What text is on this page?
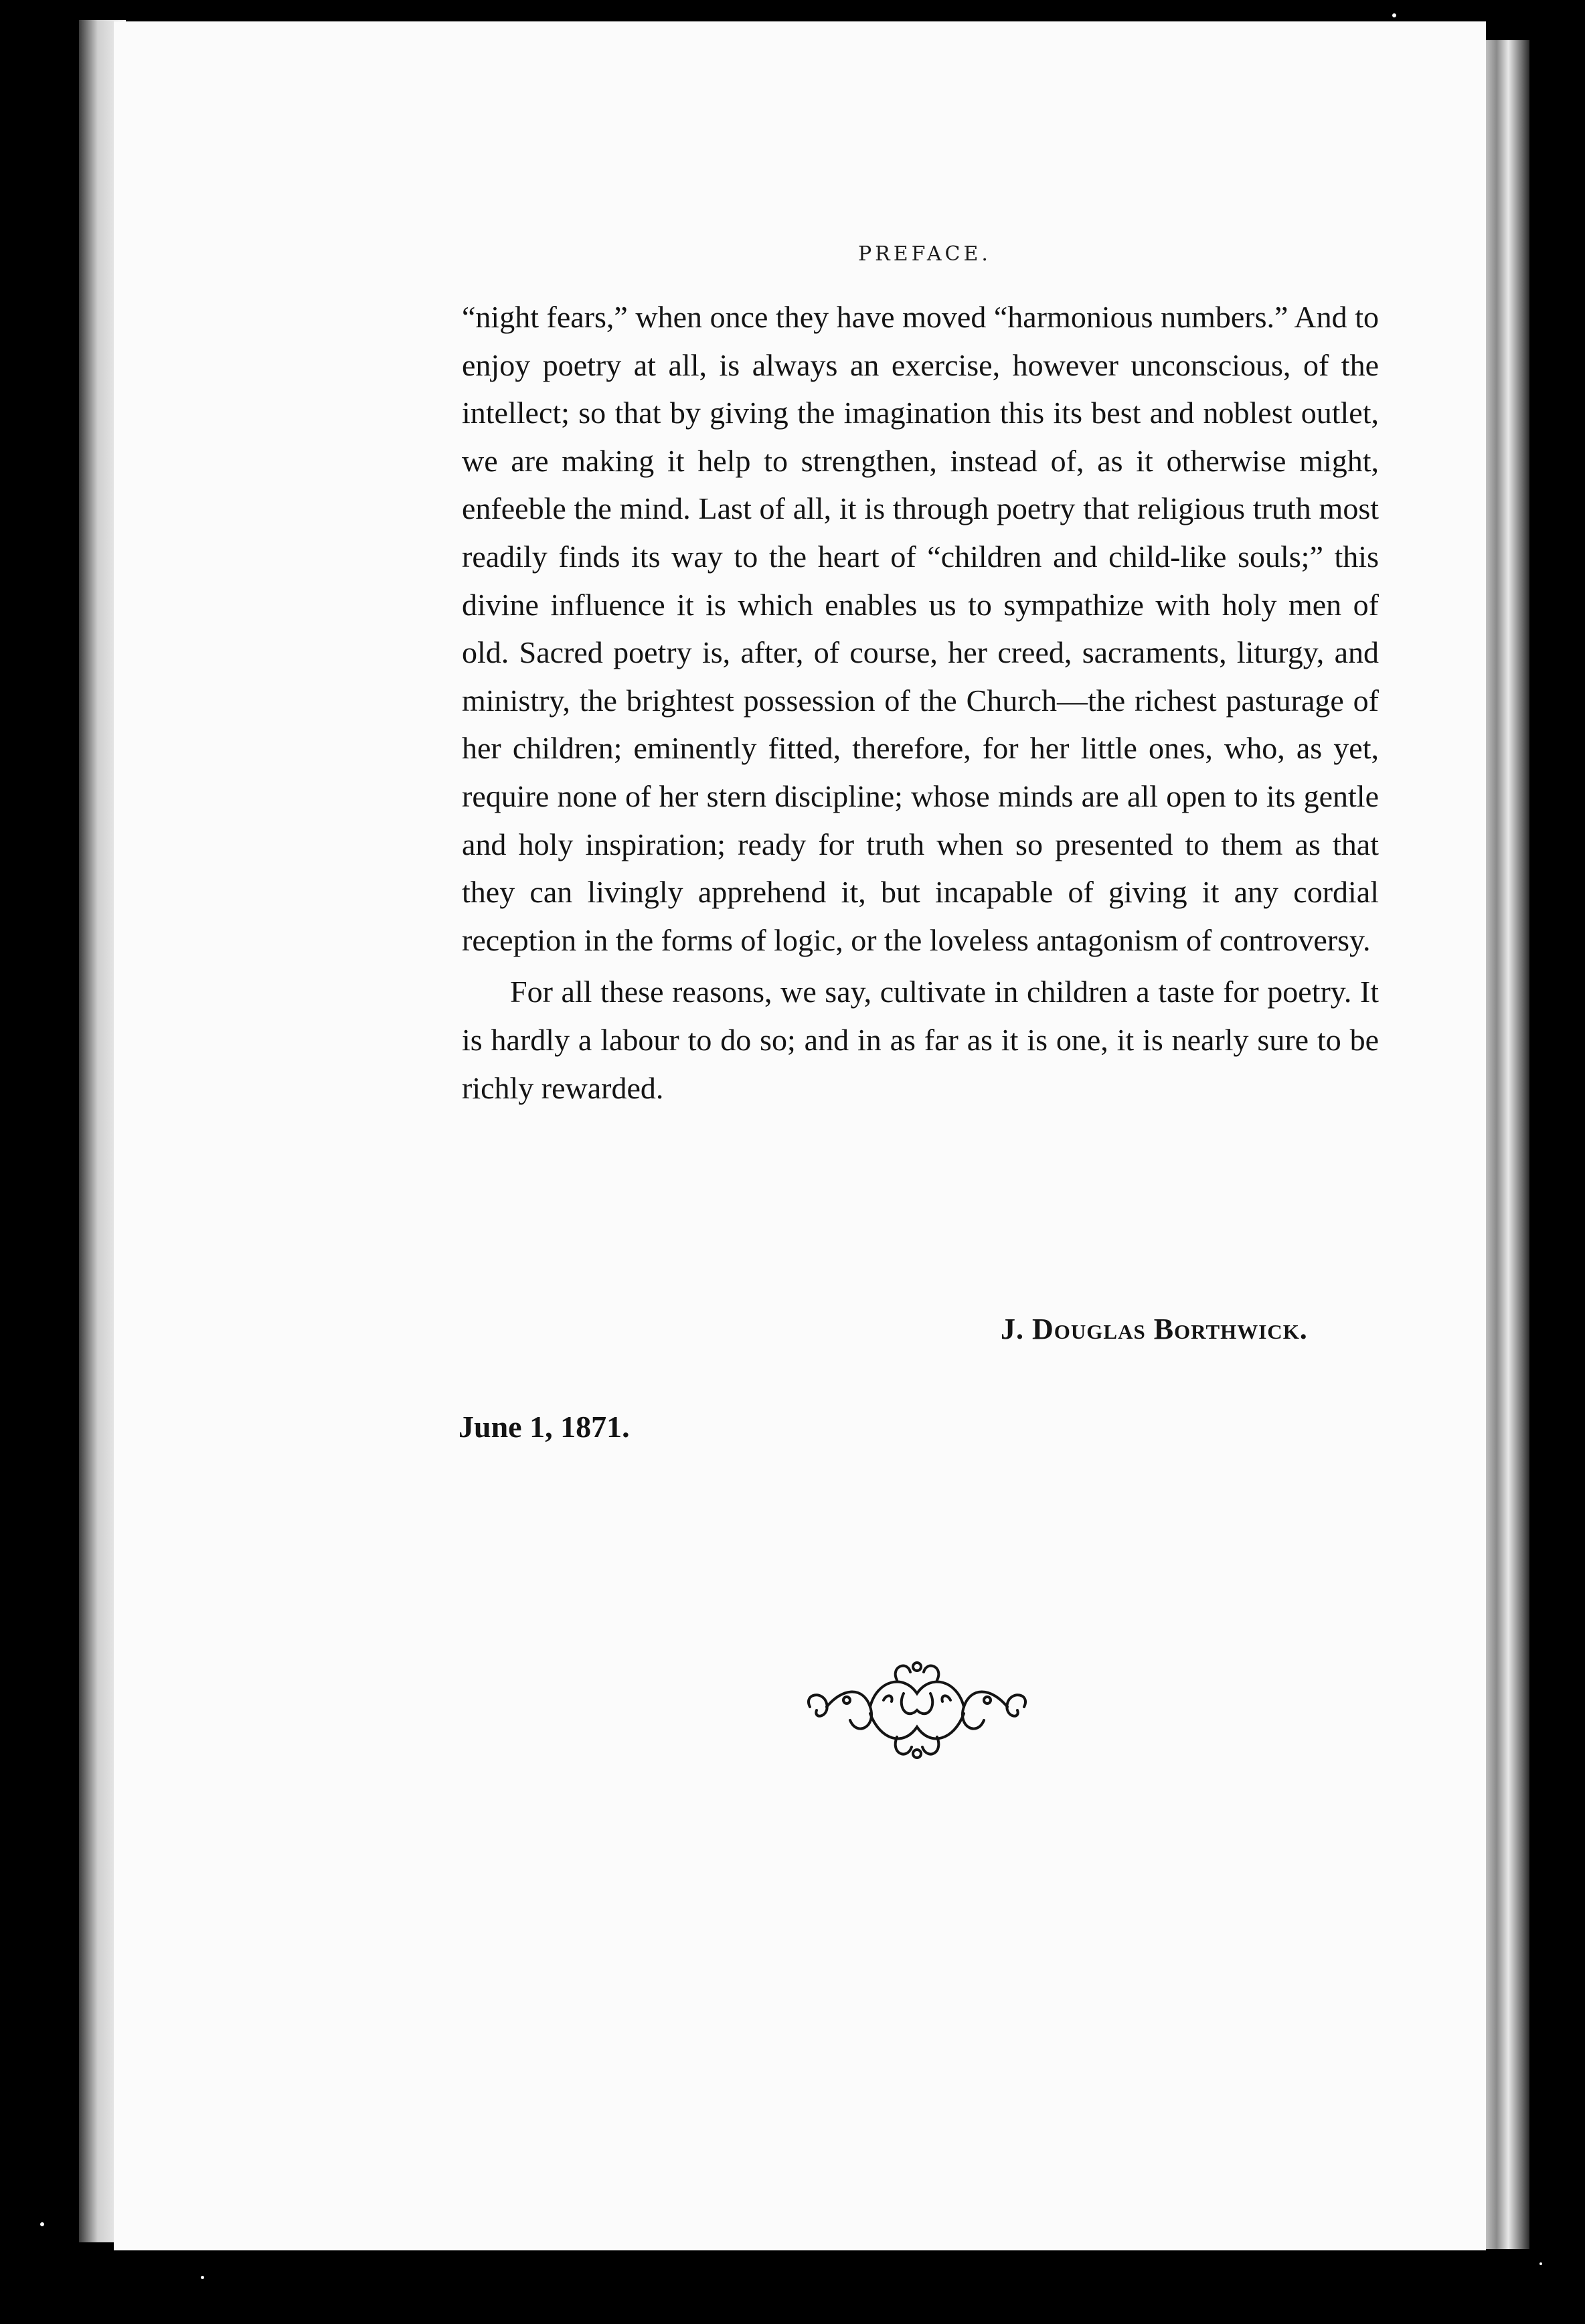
PREFACE.

“night fears,” when once they have moved “harmonious numbers.” And to enjoy poetry at all, is always an exercise, however unconscious, of the intellect; so that by giving the imagination this its best and noblest outlet, we are making it help to strengthen, instead of, as it otherwise might, enfeeble the mind. Last of all, it is through poetry that religious truth most readily finds its way to the heart of “children and child-like souls;” this divine influence it is which enables us to sympathize with holy men of old. Sacred poetry is, after, of course, her creed, sacraments, liturgy, and ministry, the brightest possession of the Church—the richest pasturage of her children; eminently fitted, therefore, for her little ones, who, as yet, require none of her stern discipline; whose minds are all open to its gentle and holy inspiration; ready for truth when so presented to them as that they can livingly apprehend it, but incapable of giving it any cordial reception in the forms of logic, or the loveless antagonism of controversy.

For all these reasons, we say, cultivate in children a taste for poetry. It is hardly a labour to do so; and in as far as it is one, it is nearly sure to be richly rewarded.

J. Douglas Borthwick.
June 1, 1871.
